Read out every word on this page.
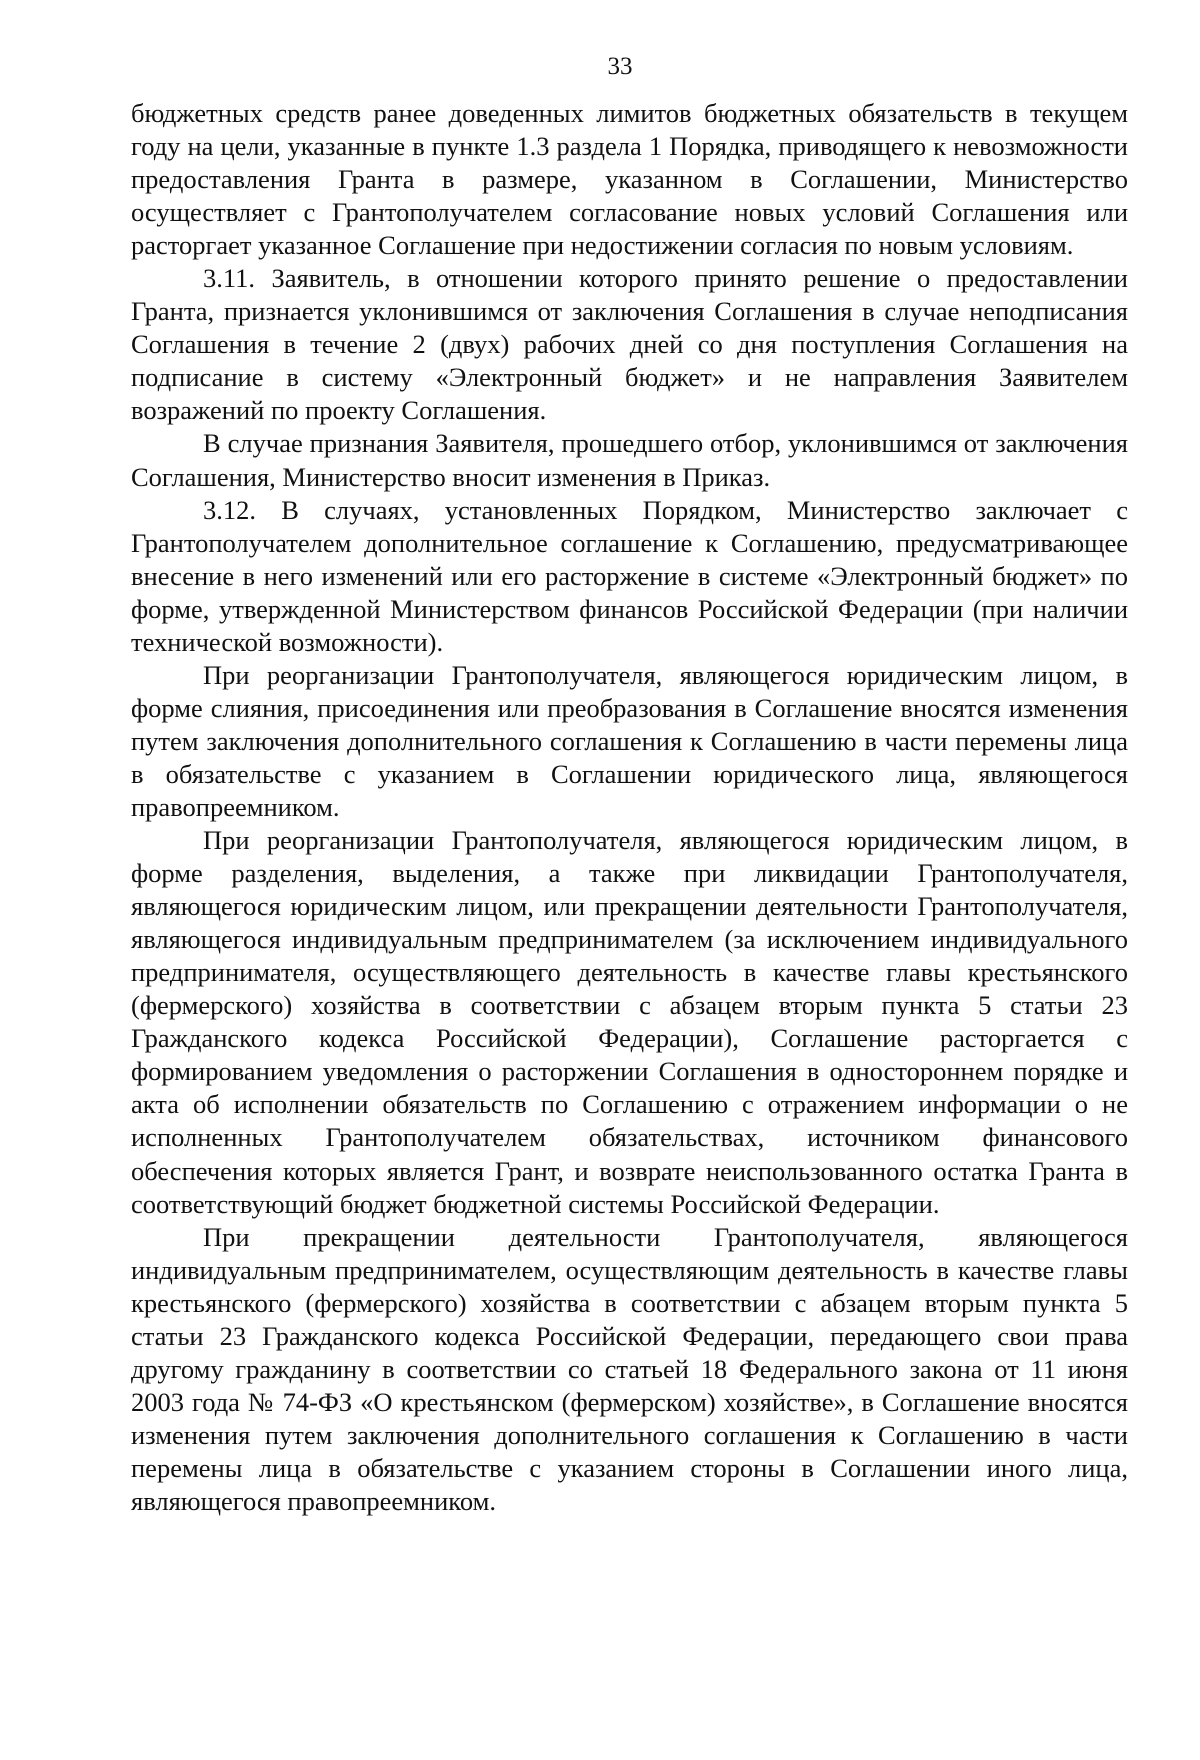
33

бюджетных средств ранее доведенных лимитов бюджетных обязательств в текущем году на цели, указанные в пункте 1.3 раздела 1 Порядка, приводящего к невозможности предоставления Гранта в размере, указанном в Соглашении, Министерство осуществляет с Грантополучателем согласование новых условий Соглашения или расторгает указанное Соглашение при недостижении согласия по новым условиям.

3.11. Заявитель, в отношении которого принято решение о предоставлении Гранта, признается уклонившимся от заключения Соглашения в случае неподписания Соглашения в течение 2 (двух) рабочих дней со дня поступления Соглашения на подписание в систему «Электронный бюджет» и не направления Заявителем возражений по проекту Соглашения.

В случае признания Заявителя, прошедшего отбор, уклонившимся от заключения Соглашения, Министерство вносит изменения в Приказ.

3.12. В случаях, установленных Порядком, Министерство заключает с Грантополучателем дополнительное соглашение к Соглашению, предусматривающее внесение в него изменений или его расторжение в системе «Электронный бюджет» по форме, утвержденной Министерством финансов Российской Федерации (при наличии технической возможности).

При реорганизации Грантополучателя, являющегося юридическим лицом, в форме слияния, присоединения или преобразования в Соглашение вносятся изменения путем заключения дополнительного соглашения к Соглашению в части перемены лица в обязательстве с указанием в Соглашении юридического лица, являющегося правопреемником.

При реорганизации Грантополучателя, являющегося юридическим лицом, в форме разделения, выделения, а также при ликвидации Грантополучателя, являющегося юридическим лицом, или прекращении деятельности Грантополучателя, являющегося индивидуальным предпринимателем (за исключением индивидуального предпринимателя, осуществляющего деятельность в качестве главы крестьянского (фермерского) хозяйства в соответствии с абзацем вторым пункта 5 статьи 23 Гражданского кодекса Российской Федерации), Соглашение расторгается с формированием уведомления о расторжении Соглашения в одностороннем порядке и акта об исполнении обязательств по Соглашению с отражением информации о не исполненных Грантополучателем обязательствах, источником финансового обеспечения которых является Грант, и возврате неиспользованного остатка Гранта в соответствующий бюджет бюджетной системы Российской Федерации.

При прекращении деятельности Грантополучателя, являющегося индивидуальным предпринимателем, осуществляющим деятельность в качестве главы крестьянского (фермерского) хозяйства в соответствии с абзацем вторым пункта 5 статьи 23 Гражданского кодекса Российской Федерации, передающего свои права другому гражданину в соответствии со статьей 18 Федерального закона от 11 июня 2003 года № 74-ФЗ «О крестьянском (фермерском) хозяйстве», в Соглашение вносятся изменения путем заключения дополнительного соглашения к Соглашению в части перемены лица в обязательстве с указанием стороны в Соглашении иного лица, являющегося правопреемником.
